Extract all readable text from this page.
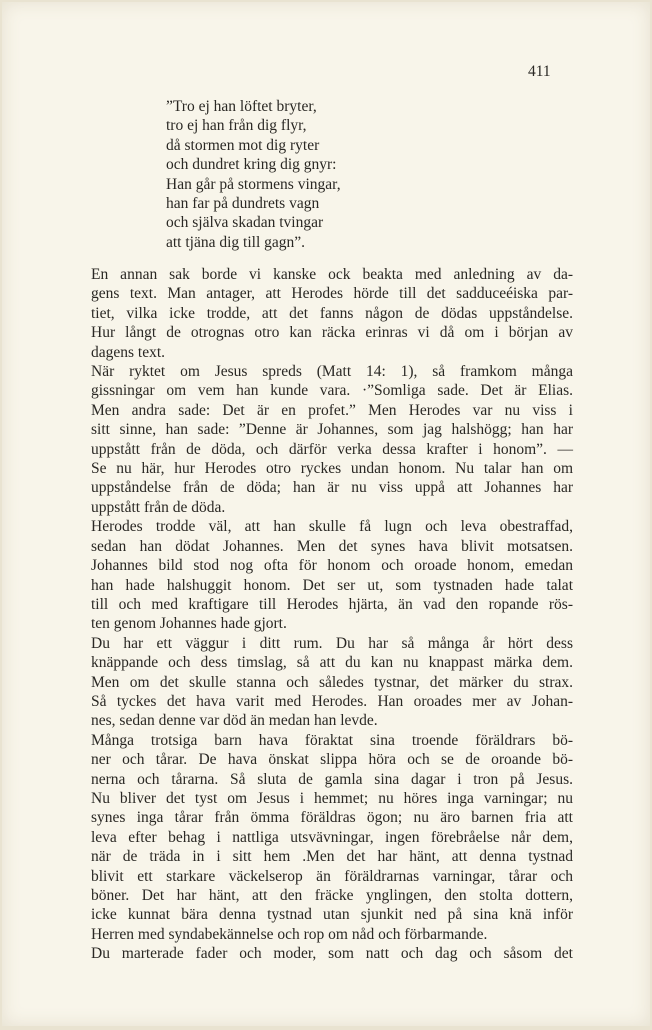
411
”Tro ej han löftet bryter,
tro ej han från dig flyr,
då stormen mot dig ryter
och dundret kring dig gnyr:
Han går på stormens vingar,
han far på dundrets vagn
och själva skadan tvingar
att tjäna dig till gagn”.
En annan sak borde vi kanske ock beakta med anledning av da-
gens text. Man antager, att Herodes hörde till det sadduceéiska par-
tiet, vilka icke trodde, att det fanns någon de dödas uppståndelse.
Hur långt de otrognas otro kan räcka erinras vi då om i början av
dagens text.
När ryktet om Jesus spreds (Matt 14: 1), så framkom många
gissningar om vem han kunde vara. ·”Somliga sade. Det är Elias.
Men andra sade: Det är en profet.” Men Herodes var nu viss i
sitt sinne, han sade: ”Denne är Johannes, som jag halshögg; han har
uppstått från de döda, och därför verka dessa krafter i honom”. —
Se nu här, hur Herodes otro ryckes undan honom. Nu talar han om
uppståndelse från de döda; han är nu viss uppå att Johannes har
uppstått från de döda.
Herodes trodde väl, att han skulle få lugn och leva obestraffad,
sedan han dödat Johannes. Men det synes hava blivit motsatsen.
Johannes bild stod nog ofta för honom och oroade honom, emedan
han hade halshuggit honom. Det ser ut, som tystnaden hade talat
till och med kraftigare till Herodes hjärta, än vad den ropande rös-
ten genom Johannes hade gjort.
Du har ett väggur i ditt rum. Du har så många år hört dess
knäppande och dess timslag, så att du kan nu knappast märka dem.
Men om det skulle stanna och således tystnar, det märker du strax.
Så tyckes det hava varit med Herodes. Han oroades mer av Johan-
nes, sedan denne var död än medan han levde.
Många trotsiga barn hava föraktat sina troende föräldrars bö-
ner och tårar. De hava önskat slippa höra och se de oroande bö-
nerna och tårarna. Så sluta de gamla sina dagar i tron på Jesus.
Nu bliver det tyst om Jesus i hemmet; nu höres inga varningar; nu
synes inga tårar från ömma föräldras ögon; nu äro barnen fria att
leva efter behag i nattliga utsvävningar, ingen förebråelse når dem,
när de träda in i sitt hem .Men det har hänt, att denna tystnad
blivit ett starkare väckelserop än föräldrarnas varningar, tårar och
böner. Det har hänt, att den fräcke ynglingen, den stolta dottern,
icke kunnat bära denna tystnad utan sjunkit ned på sina knä inför
Herren med syndabekännelse och rop om nåd och förbarmande.
Du marterade fader och moder, som natt och dag och såsom det
